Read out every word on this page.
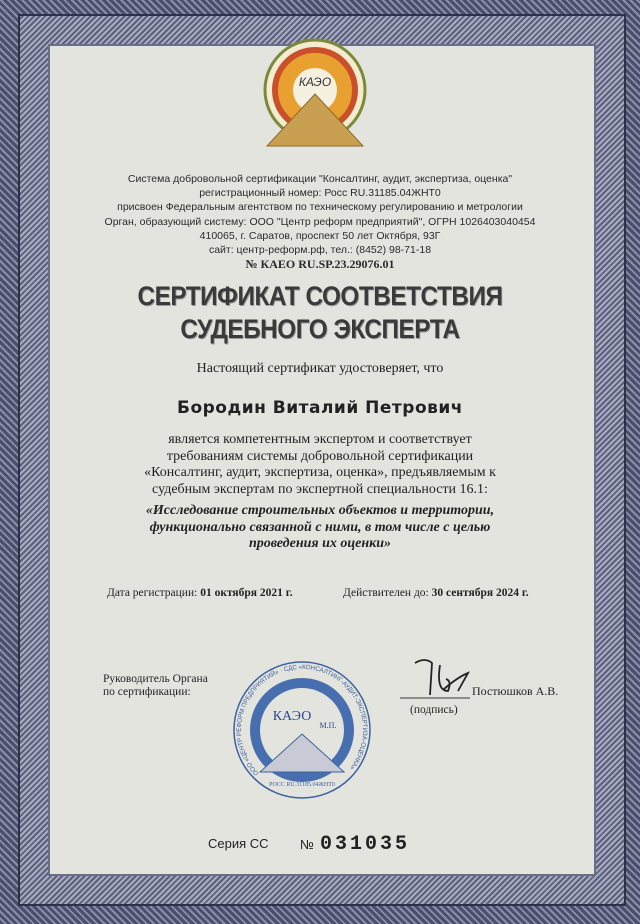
КАЭО
Система добровольной сертификации "Консалтинг, аудит, экспертиза, оценка"
регистрационный номер: Росс RU.31185.04ЖНТ0
присвоен Федеральным агентством по техническому регулированию и метрологии
Орган, образующий систему: ООО "Центр реформ предприятий", ОГРН 1026403040454
410065, г. Саратов, проспект 50 лет Октября, 93Г
сайт: центр-реформ.рф, тел.: (8452) 98-71-18
№ КАЕО RU.SP.23.29076.01
СЕРТИФИКАТ СООТВЕТСТВИЯ
СУДЕБНОГО ЭКСПЕРТА
Настоящий сертификат удостоверяет, что
Бородин Виталий Петрович
является компетентным экспертом и соответствует
требованиям системы добровольной сертификации
«Консалтинг, аудит, экспертиза, оценка», предъявляемым к
судебным экспертам по экспертной специальности 16.1:
«Исследование строительных объектов и территории,
функционально связанной с ними, в том числе с целью
проведения их оценки»
Дата регистрации: 01 октября 2021 г.	Действителен до: 30 сентября 2024 г.
Руководитель Органа
по сертификации:	Постюшков А.В.
(подпись)
ООО «ЦЕНТР РЕФОРМ ПРЕДПРИЯТИЙ» · СДС «КОНСАЛТИНГ-АУДИТ-ЭКСПЕРТИЗА-ОЦЕНКА»
КАЭО
М.П.
РОСС RU.31185.04ЖНТ0
Серия СС № 031035
